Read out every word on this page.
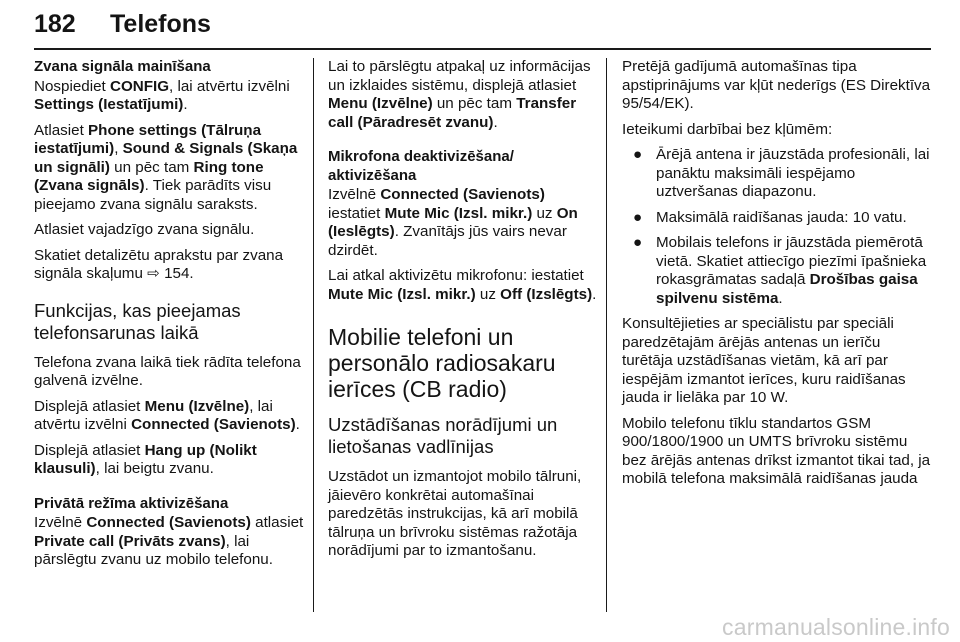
182 Telefons
Zvana signāla mainīšana

Nospiediet CONFIG, lai atvērtu izvēlni Settings (Iestatījumi).

Atlasiet Phone settings (Tālruņa iestatījumi), Sound & Signals (Skaņa un signāli) un pēc tam Ring tone (Zvana signāls). Tiek parādīts visu pieejamo zvana signālu saraksts.

Atlasiet vajadzīgo zvana signālu.

Skatiet detalizētu aprakstu par zvana signāla skaļumu ⇨ 154.

Funkcijas, kas pieejamas telefonsarunas laikā

Telefona zvana laikā tiek rādīta telefona galvenā izvēlne.

Displejā atlasiet Menu (Izvēlne), lai atvērtu izvēlni Connected (Savienots).

Displejā atlasiet Hang up (Nolikt klausuli), lai beigtu zvanu.

Privātā režīma aktivizēšana

Izvēlnē Connected (Savienots) atlasiet Private call (Privāts zvans), lai pārslēgtu zvanu uz mobilo telefonu.

Lai to pārslēgtu atpakaļ uz informācijas un izklaides sistēmu, displejā atlasiet Menu (Izvēlne) un pēc tam Transfer call (Pāradresēt zvanu).

Mikrofona deaktivizēšana/ aktivizēšana

Izvēlnē Connected (Savienots) iestatiet Mute Mic (Izsl. mikr.) uz On (Ieslēgts). Zvanītājs jūs vairs nevar dzirdēt.

Lai atkal aktivizētu mikrofonu: iestatiet Mute Mic (Izsl. mikr.) uz Off (Izslēgts).

Mobilie telefoni un personālo radiosakaru ierīces (CB radio)
Uzstādīšanas norādījumi un lietošanas vadlīnijas

Uzstādot un izmantojot mobilo tālruni, jāievēro konkrētai automašīnai paredzētās instrukcijas, kā arī mobilā tālruņa un brīvroku sistēmas ražotāja norādījumi par to izmantošanu.

Pretējā gadījumā automašīnas tipa apstiprinājums var kļūt nederīgs (ES Direktīva 95/54/EK).

Ieteikumi darbībai bez kļūmēm:

● Ārējā antena ir jāuzstāda profesionāli, lai panāktu maksimāli iespējamo uztveršanas diapazonu.
● Maksimālā raidīšanas jauda: 10 vatu.
● Mobilais telefons ir jāuzstāda piemērotā vietā. Skatiet attiecīgo piezīmi īpašnieka rokasgrāmatas sadaļā Drošības gaisa spilvenu sistēma.

Konsultējieties ar speciālistu par speciāli paredzētajām ārējās antenas un ierīču turētāja uzstādīšanas vietām, kā arī par iespējām izmantot ierīces, kuru raidīšanas jauda ir lielāka par 10 W.

Mobilo telefonu tīklu standartos GSM 900/1800/1900 un UMTS brīvroku sistēmu bez ārējās antenas drīkst izmantot tikai tad, ja mobilā telefona maksimālā raidīšanas jauda

carmanualsonline.info
